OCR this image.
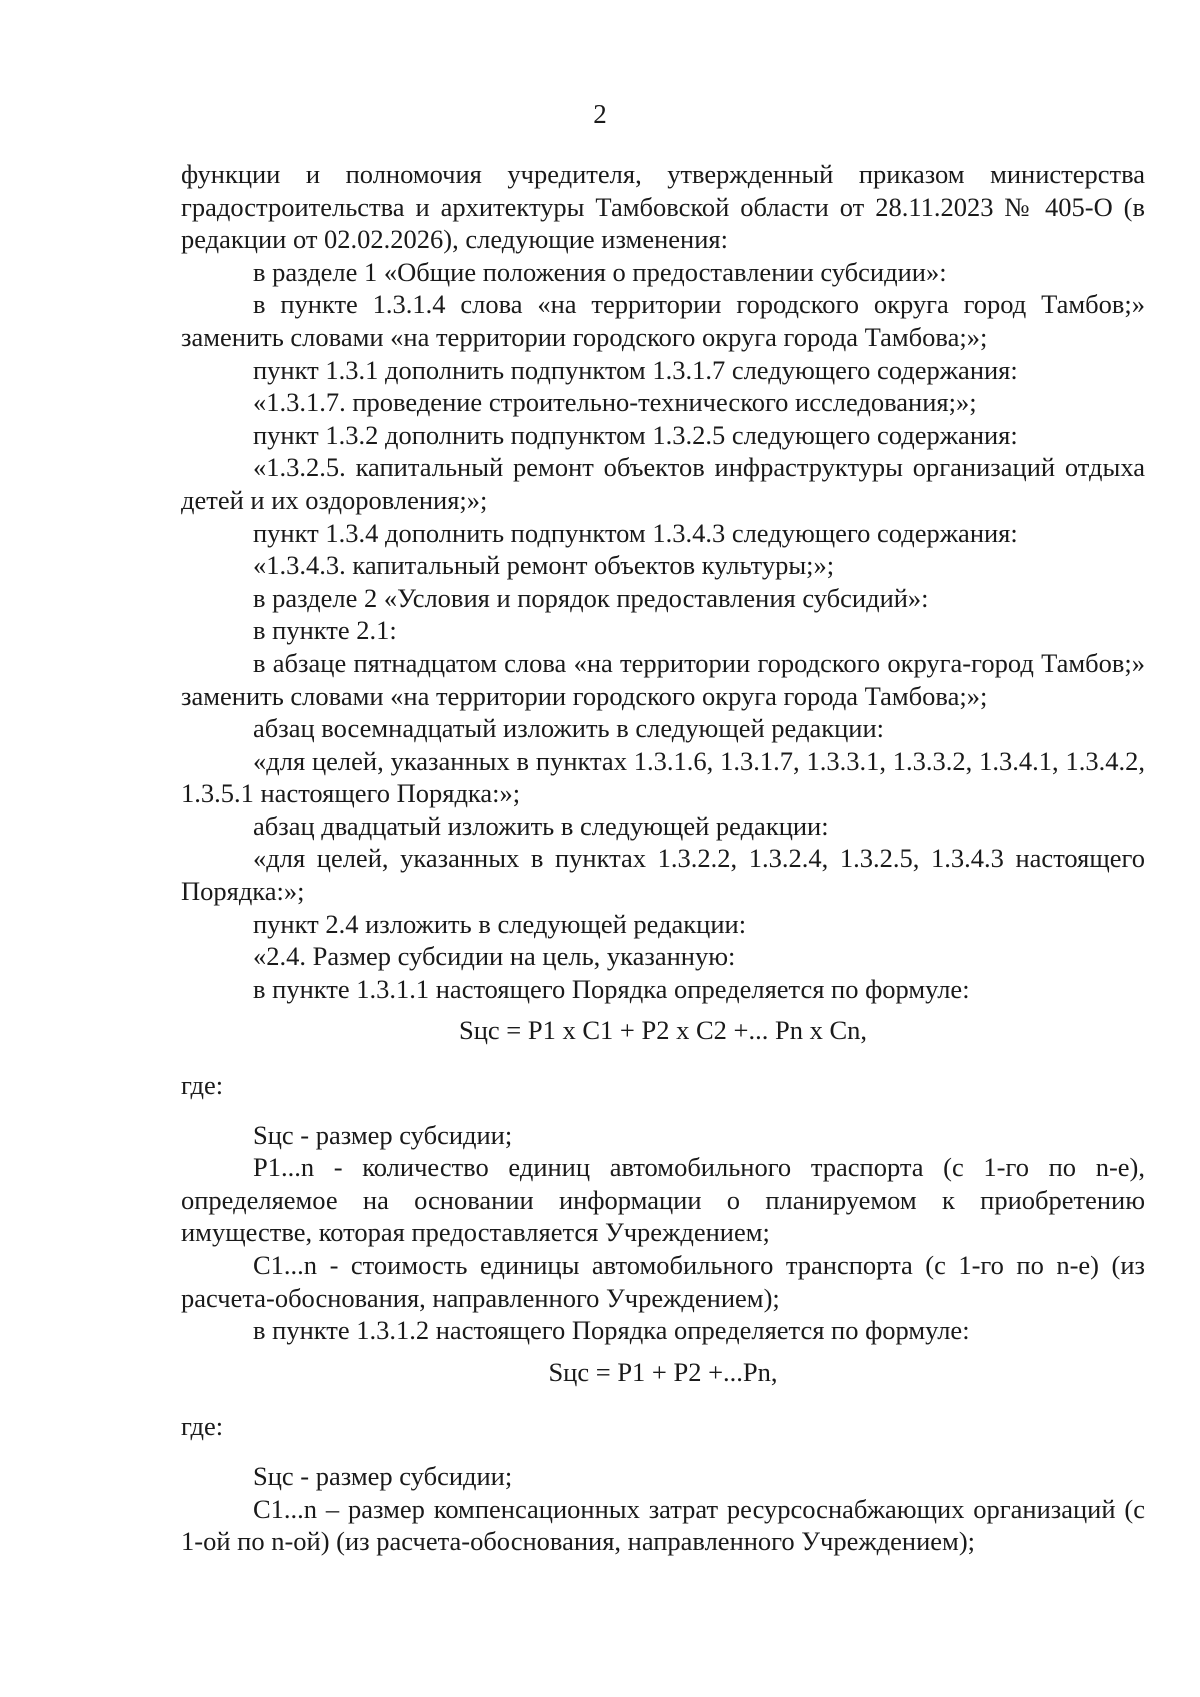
2

функции и полномочия учредителя, утвержденный приказом министерства градостроительства и архитектуры Тамбовской области от 28.11.2023 № 405-О (в редакции от 02.02.2026), следующие изменения:

в разделе 1 «Общие положения о предоставлении субсидии»:

в пункте 1.3.1.4 слова «на территории городского округа город Тамбов;» заменить словами «на территории городского округа города Тамбова;»;

пункт 1.3.1 дополнить подпунктом 1.3.1.7 следующего содержания:

«1.3.1.7. проведение строительно-технического исследования;»;

пункт 1.3.2 дополнить подпунктом 1.3.2.5 следующего содержания:

«1.3.2.5. капитальный ремонт объектов инфраструктуры организаций отдыха детей и их оздоровления;»;

пункт 1.3.4 дополнить подпунктом 1.3.4.3 следующего содержания:

«1.3.4.3. капитальный ремонт объектов культуры;»;

в разделе 2 «Условия и порядок предоставления субсидий»:

в пункте 2.1:

в абзаце пятнадцатом слова «на территории городского округа-город Тамбов;» заменить словами «на территории городского округа города Тамбова;»;

абзац восемнадцатый изложить в следующей редакции:

«для целей, указанных в пунктах 1.3.1.6, 1.3.1.7, 1.3.3.1, 1.3.3.2, 1.3.4.1, 1.3.4.2, 1.3.5.1 настоящего Порядка:»;

абзац двадцатый изложить в следующей редакции:

«для целей, указанных в пунктах 1.3.2.2, 1.3.2.4, 1.3.2.5, 1.3.4.3 настоящего Порядка:»;

пункт 2.4 изложить в следующей редакции:

«2.4. Размер субсидии на цель, указанную:

в пункте 1.3.1.1 настоящего Порядка определяется по формуле:

Sцс = P1 x C1 + P2 x C2 +... Pn x Cn,

где:

Sцс - размер субсидии;

P1...n - количество единиц автомобильного траспорта (с 1-го по n-е), определяемое на основании информации о планируемом к приобретению имуществе, которая предоставляется Учреждением;

C1...n - стоимость единицы автомобильного транспорта (с 1-го по n-е) (из расчета-обоснования, направленного Учреждением);

в пункте 1.3.1.2 настоящего Порядка определяется по формуле:

Sцс = P1 + P2 +...Pn,

где:

Sцс - размер субсидии;

C1...n – размер компенсационных затрат ресурсоснабжающих организаций (с 1-ой по n-ой) (из расчета-обоснования, направленного Учреждением);
